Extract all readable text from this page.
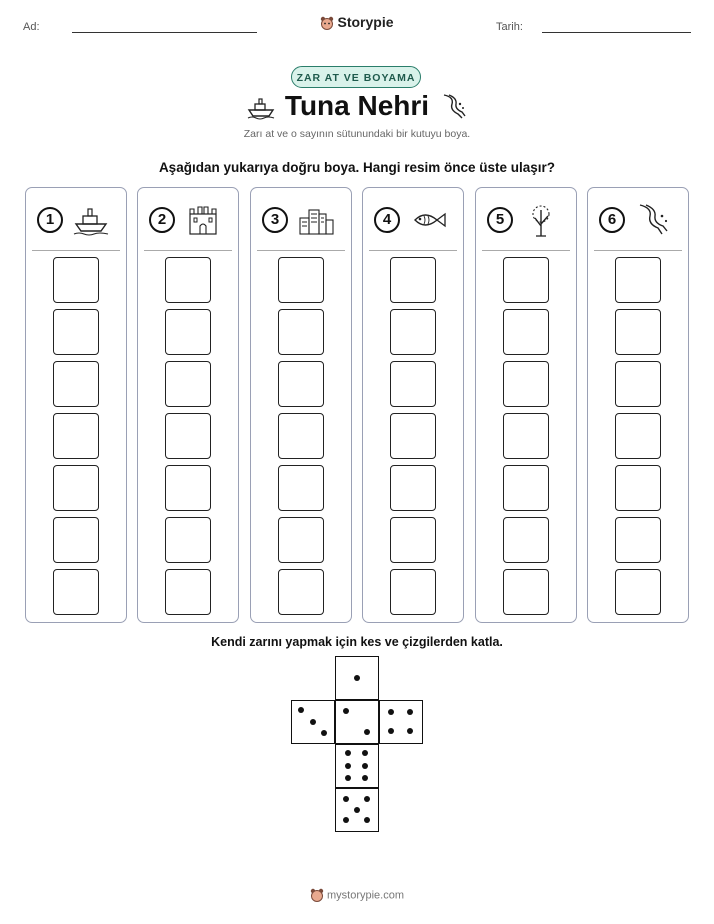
Ad:	Storypie	Tarih:
ZAR AT VE BOYAMA
Tuna Nehri
Zarı at ve o sayının sütunundaki bir kutuyu boya.
Aşağıdan yukarıya doğru boya. Hangi resim önce üste ulaşır?
1	2	3	4	5	6
Kendi zarını yapmak için kes ve çizgilerden katla.
mystorypie.com
